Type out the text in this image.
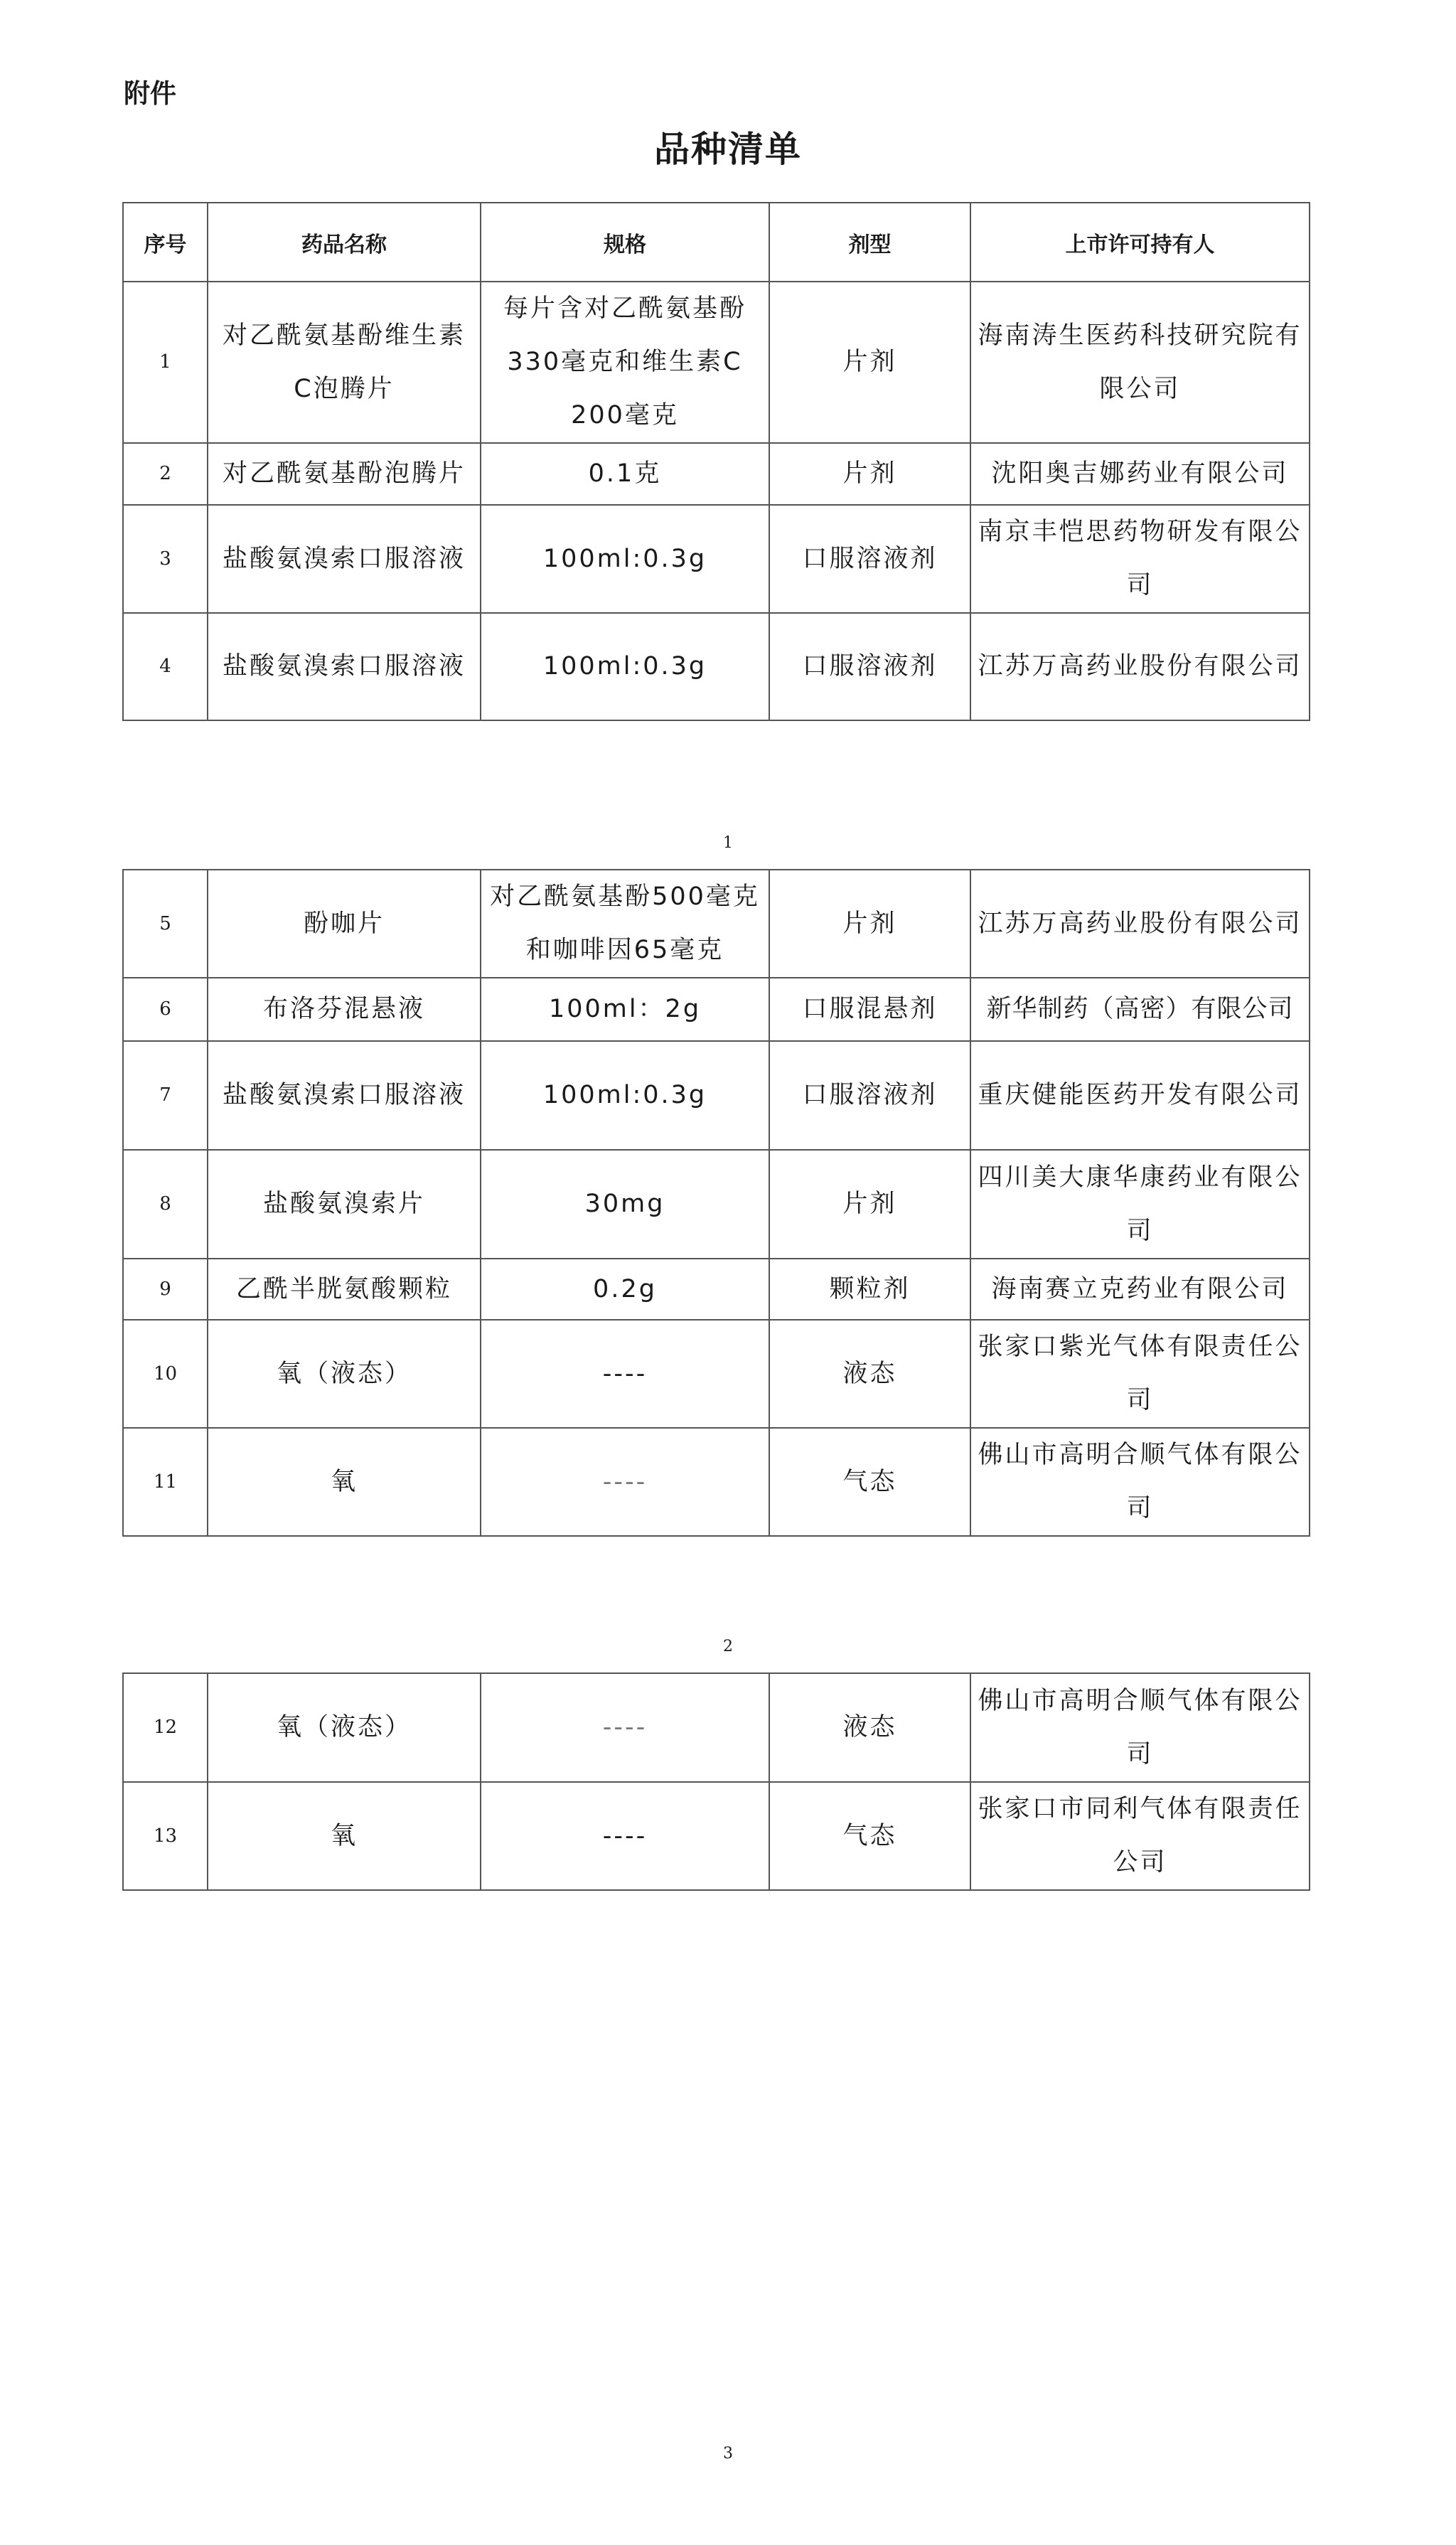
附件
品种清单
序号	药品名称	规格	剂型	上市许可持有人
1	对乙酰氨基酚维生素C泡腾片	每片含对乙酰氨基酚330毫克和维生素C 200毫克	片剂	海南涛生医药科技研究院有限公司
2	对乙酰氨基酚泡腾片	0.1克	片剂	沈阳奥吉娜药业有限公司
3	盐酸氨溴索口服溶液	100ml:0.3g	口服溶液剂	南京丰恺思药物研发有限公司
4	盐酸氨溴索口服溶液	100ml:0.3g	口服溶液剂	江苏万高药业股份有限公司
1
5	酚咖片	对乙酰氨基酚500毫克和咖啡因65毫克	片剂	江苏万高药业股份有限公司
6	布洛芬混悬液	100ml：2g	口服混悬剂	新华制药（高密）有限公司
7	盐酸氨溴索口服溶液	100ml:0.3g	口服溶液剂	重庆健能医药开发有限公司
8	盐酸氨溴索片	30mg	片剂	四川美大康华康药业有限公司
9	乙酰半胱氨酸颗粒	0.2g	颗粒剂	海南赛立克药业有限公司
10	氧（液态）	----	液态	张家口紫光气体有限责任公司
11	氧	----	气态	佛山市高明合顺气体有限公司
2
12	氧（液态）	----	液态	佛山市高明合顺气体有限公司
13	氧	----	气态	张家口市同利气体有限责任公司
3
